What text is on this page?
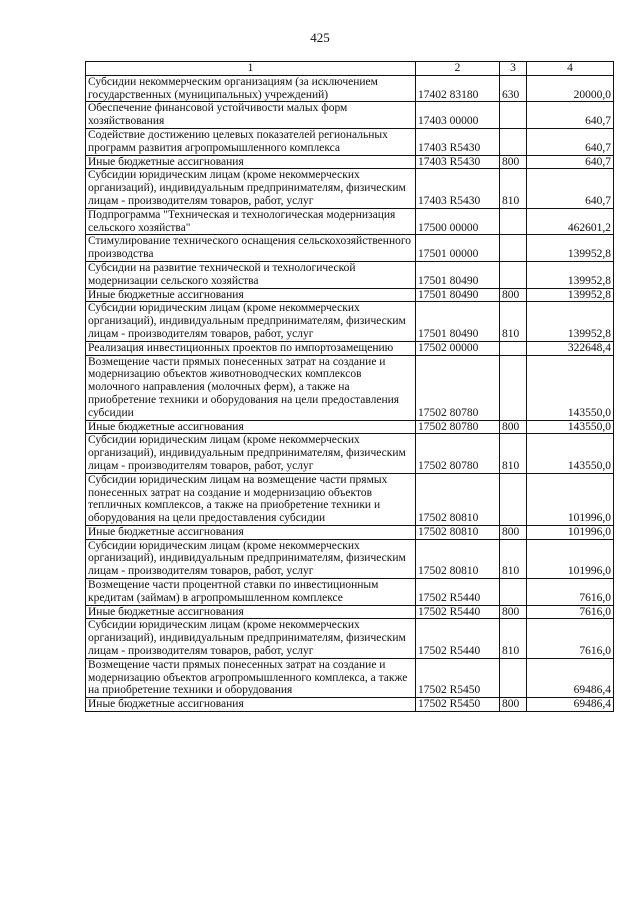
425
1	2	3	4
Субсидии некоммерческим организациям (за исключением государственных (муниципальных) учреждений)	17402 83180	630	20000,0
Обеспечение финансовой устойчивости малых форм хозяйствования	17403 00000		640,7
Содействие достижению целевых показателей региональных программ развития агропромышленного комплекса	17403 R5430		640,7
Иные бюджетные ассигнования	17403 R5430	800	640,7
Субсидии юридическим лицам (кроме некоммерческих организаций), индивидуальным предпринимателям, физическим лицам - производителям товаров, работ, услуг	17403 R5430	810	640,7
Подпрограмма "Техническая и технологическая модернизация сельского хозяйства"	17500 00000		462601,2
Стимулирование технического оснащения сельскохозяйственного производства	17501 00000		139952,8
Субсидии на развитие технической и технологической модернизации сельского хозяйства	17501 80490		139952,8
Иные бюджетные ассигнования	17501 80490	800	139952,8
Субсидии юридическим лицам (кроме некоммерческих организаций), индивидуальным предпринимателям, физическим лицам - производителям товаров, работ, услуг	17501 80490	810	139952,8
Реализация инвестиционных проектов по импортозамещению	17502 00000		322648,4
Возмещение части прямых понесенных затрат на создание и модернизацию объектов животноводческих комплексов молочного направления (молочных ферм), а также на приобретение техники и оборудования на цели предоставления субсидии	17502 80780		143550,0
Иные бюджетные ассигнования	17502 80780	800	143550,0
Субсидии юридическим лицам (кроме некоммерческих организаций), индивидуальным предпринимателям, физическим лицам - производителям товаров, работ, услуг	17502 80780	810	143550,0
Субсидии юридическим лицам на возмещение части прямых понесенных затрат на создание и модернизацию объектов тепличных комплексов, а также на приобретение техники и оборудования на цели предоставления субсидии	17502 80810		101996,0
Иные бюджетные ассигнования	17502 80810	800	101996,0
Субсидии юридическим лицам (кроме некоммерческих организаций), индивидуальным предпринимателям, физическим лицам - производителям товаров, работ, услуг	17502 80810	810	101996,0
Возмещение части процентной ставки по инвестиционным кредитам (займам) в агропромышленном комплексе	17502 R5440		7616,0
Иные бюджетные ассигнования	17502 R5440	800	7616,0
Субсидии юридическим лицам (кроме некоммерческих организаций), индивидуальным предпринимателям, физическим лицам - производителям товаров, работ, услуг	17502 R5440	810	7616,0
Возмещение части прямых понесенных затрат на создание и модернизацию объектов агропромышленного комплекса, а также на приобретение техники и оборудования	17502 R5450		69486,4
Иные бюджетные ассигнования	17502 R5450	800	69486,4
